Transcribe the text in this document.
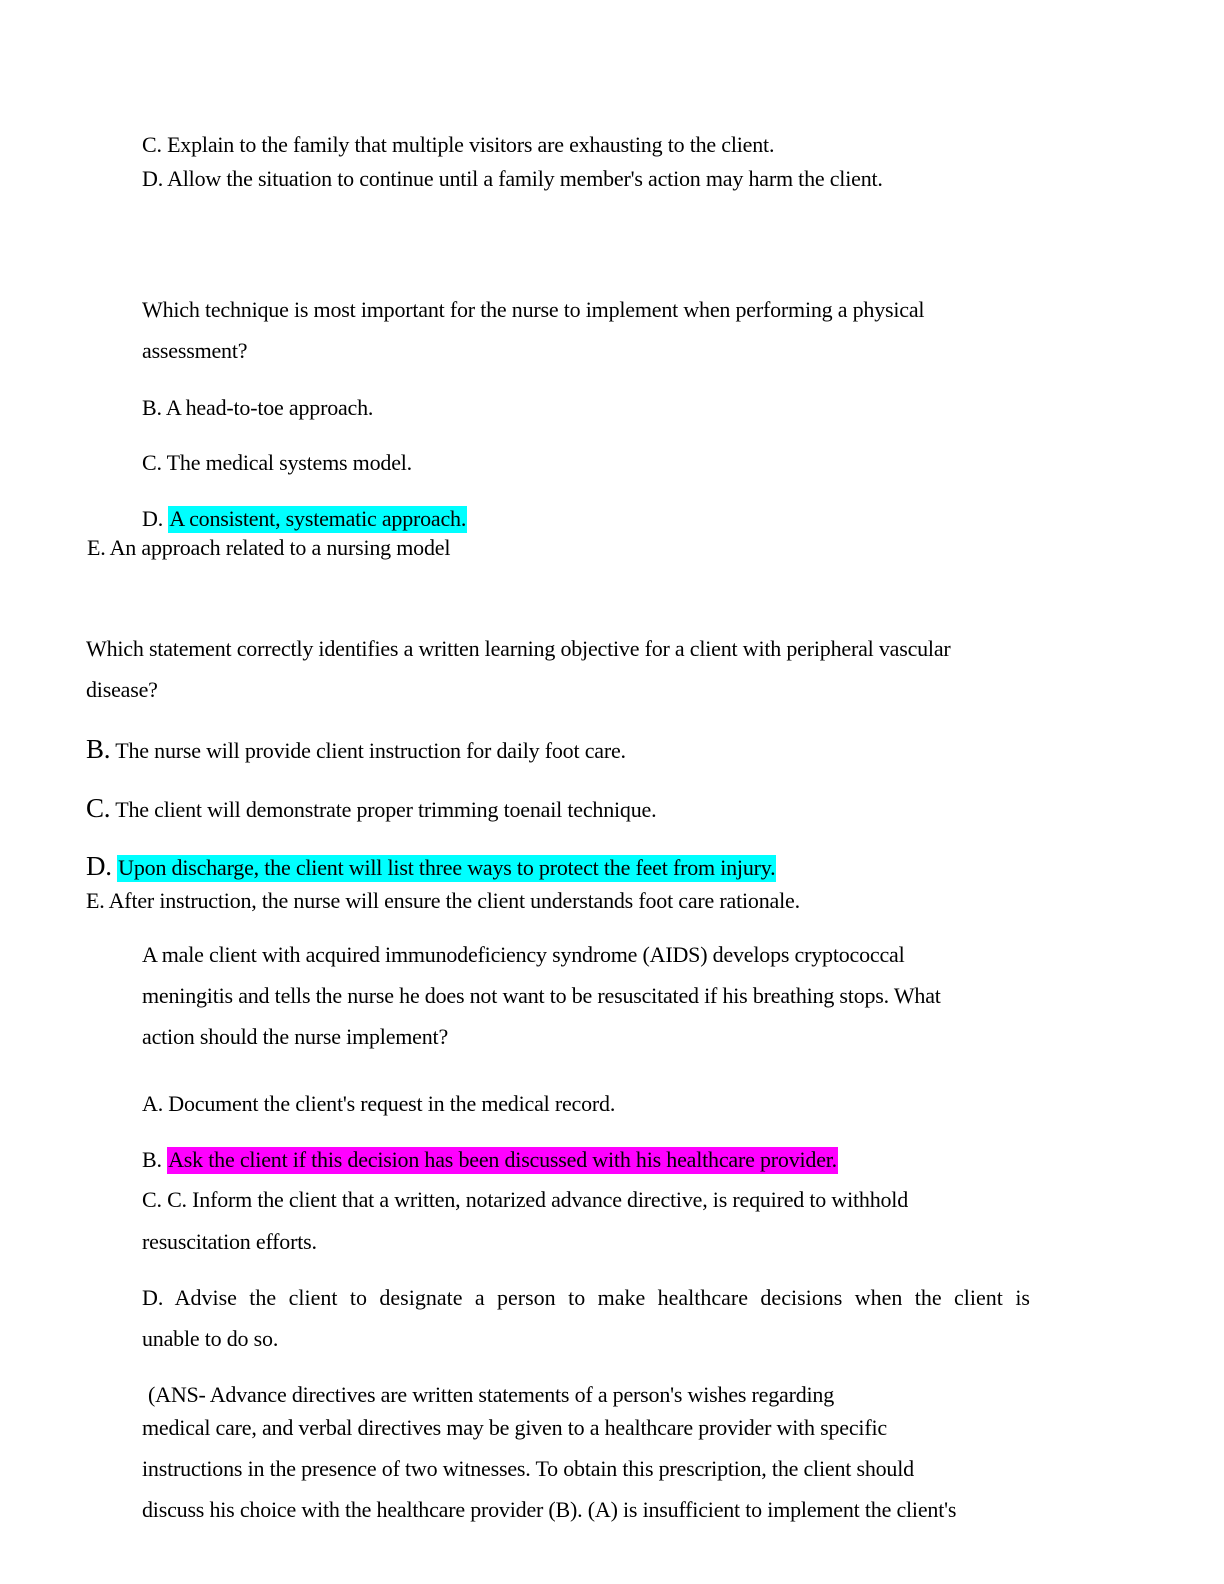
C. Explain to the family that multiple visitors are exhausting to the client.
D. Allow the situation to continue until a family member's action may harm the client.
Which technique is most important for the nurse to implement when performing a physical
assessment?
B. A head-to-toe approach.
C. The medical systems model.
D. A consistent, systematic approach.
E. An approach related to a nursing model
Which statement correctly identifies a written learning objective for a client with peripheral vascular
disease?
B. The nurse will provide client instruction for daily foot care.
C. The client will demonstrate proper trimming toenail technique.
D. Upon discharge, the client will list three ways to protect the feet from injury.
E. After instruction, the nurse will ensure the client understands foot care rationale.
A male client with acquired immunodeficiency syndrome (AIDS) develops cryptococcal
meningitis and tells the nurse he does not want to be resuscitated if his breathing stops. What
action should the nurse implement?
A. Document the client's request in the medical record.
B. Ask the client if this decision has been discussed with his healthcare provider.
C. C. Inform the client that a written, notarized advance directive, is required to withhold
resuscitation efforts.
D. Advise the client to designate a person to make healthcare decisions when the client is
unable to do so.
(ANS- Advance directives are written statements of a person's wishes regarding
medical care, and verbal directives may be given to a healthcare provider with specific
instructions in the presence of two witnesses. To obtain this prescription, the client should
discuss his choice with the healthcare provider (B). (A) is insufficient to implement the client's
